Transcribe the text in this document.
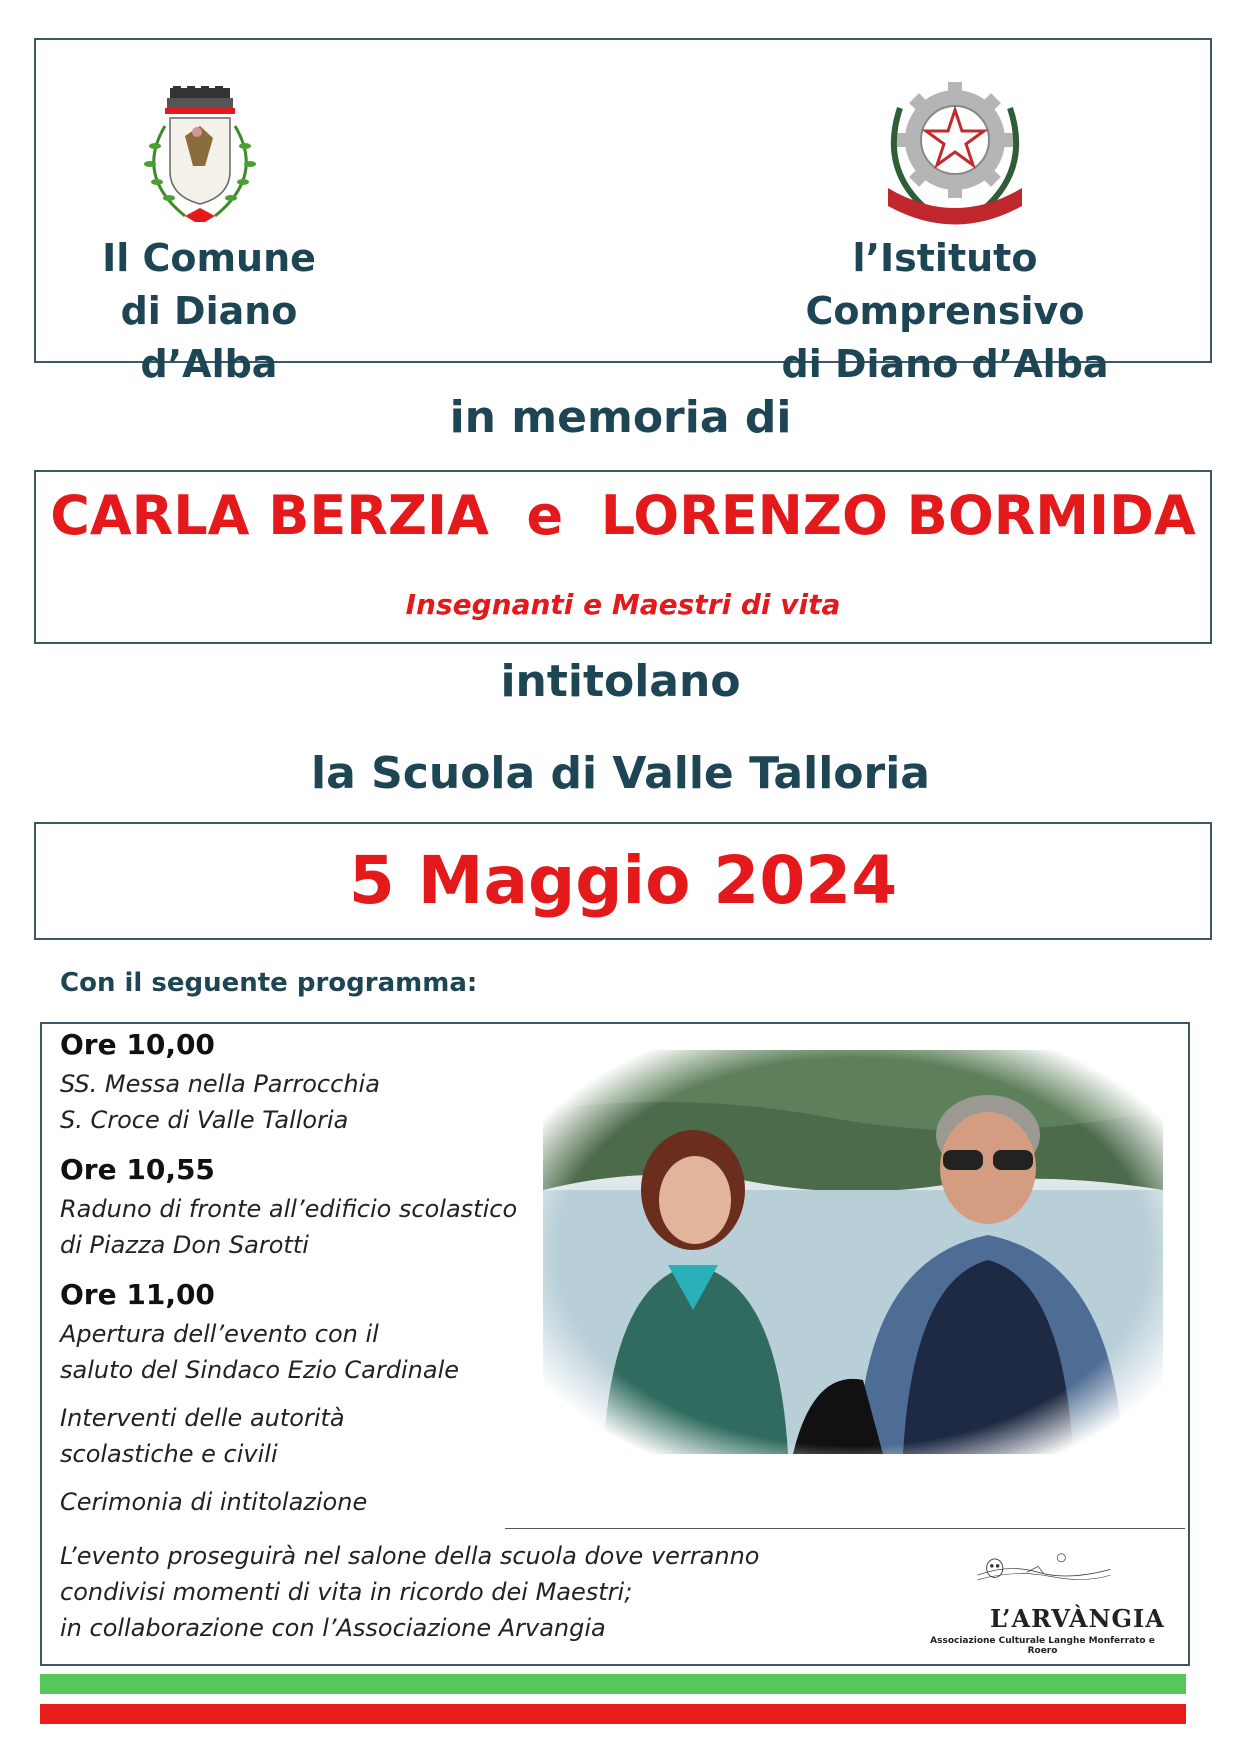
Il Comune
di Diano d’Alba
l’Istituto Comprensivo
di Diano d’Alba
in memoria di
CARLA BERZIA  e  LORENZO BORMIDA
Insegnanti e Maestri di vita
intitolano
la Scuola di Valle Talloria
5 Maggio 2024
Con il seguente programma:
Ore 10,00
SS. Messa nella Parrocchia
S. Croce di Valle Talloria
Ore 10,55
Raduno di fronte all’edificio scolastico
di Piazza Don Sarotti
Ore 11,00
Apertura dell’evento con il
saluto del Sindaco Ezio Cardinale
Interventi delle autorità
scolastiche e civili
Cerimonia di intitolazione
L’evento proseguirà nel salone della scuola dove verranno
condivisi momenti di vita in ricordo dei Maestri;
in collaborazione con l’Associazione Arvangia	L’ARVÀNGIA
Associazione Culturale Langhe Monferrato e Roero
